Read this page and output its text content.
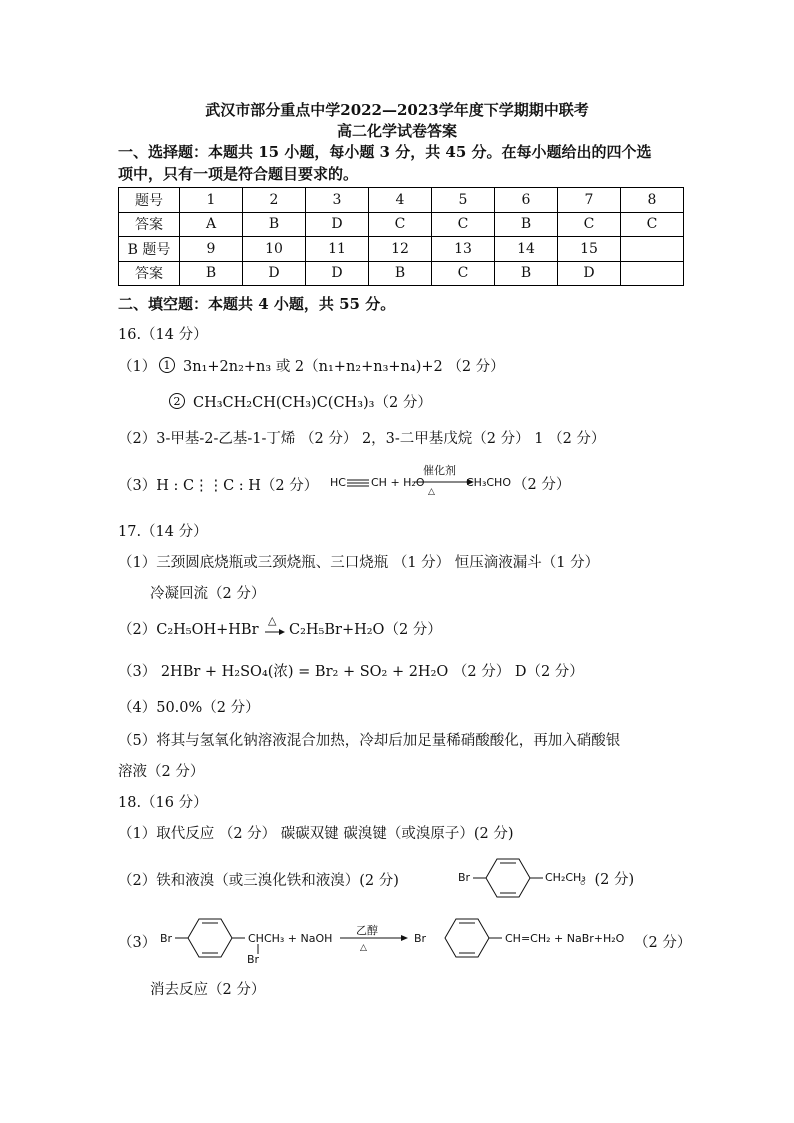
武汉市部分重点中学2022—2023学年度下学期期中联考
高二化学试卷答案
一、选择题：本题共 15 小题，每小题 3 分，共 45 分。在每小题给出的四个选
项中，只有一项是符合题目要求的。
题号	1	2	3	4	5	6	7	8
答案	A	B	D	C	C	B	C	C
B 题号	9	10	11	12	13	14	15	
答案	B	D	D	B	C	B	D	
二、填空题：本题共 4 小题，共 55 分。
16.（14 分）
（1） 1 3n₁+2n₂+n₃ 或 2（n₁+n₂+n₃+n₄)+2 （2 分）
2 CH₃CH₂CH(CH₃)C(CH₃)₃（2 分）
（2）3-甲基-2-乙基-1-丁烯 （2 分） 2，3-二甲基戊烷（2 分） 1 （2 分）
（3）H : C⋮⋮C : H（2 分） HC CH + H₂O
催化剂
△
CH₃CHO （2 分）
17.（14 分）
（1）三颈圆底烧瓶或三颈烧瓶、三口烧瓶 （1 分） 恒压滴液漏斗（1 分）
冷凝回流（2 分）
（2）C₂H₅OH+HBr
△
→ C₂H₅Br+H₂O（2 分）
（3） 2HBr + H₂SO₄(浓) = Br₂ + SO₂ + 2H₂O （2 分） D（2 分）
（4）50.0%（2 分）
（5）将其与氢氧化钠溶液混合加热，冷却后加足量稀硝酸酸化，再加入硝酸银
溶液（2 分）
18.（16 分）
（1）取代反应 （2 分） 碳碳双键 碳溴键（或溴原子）(2 分)
（2）铁和液溴（或三溴化铁和液溴）(2 分)	Br	CH₂CH₃
。(2 分)
（3） Br	CHCH₃ + NaOH
Br
乙醇
△
Br	CH=CH₂ + NaBr+H₂O （2 分）
消去反应（2 分）
